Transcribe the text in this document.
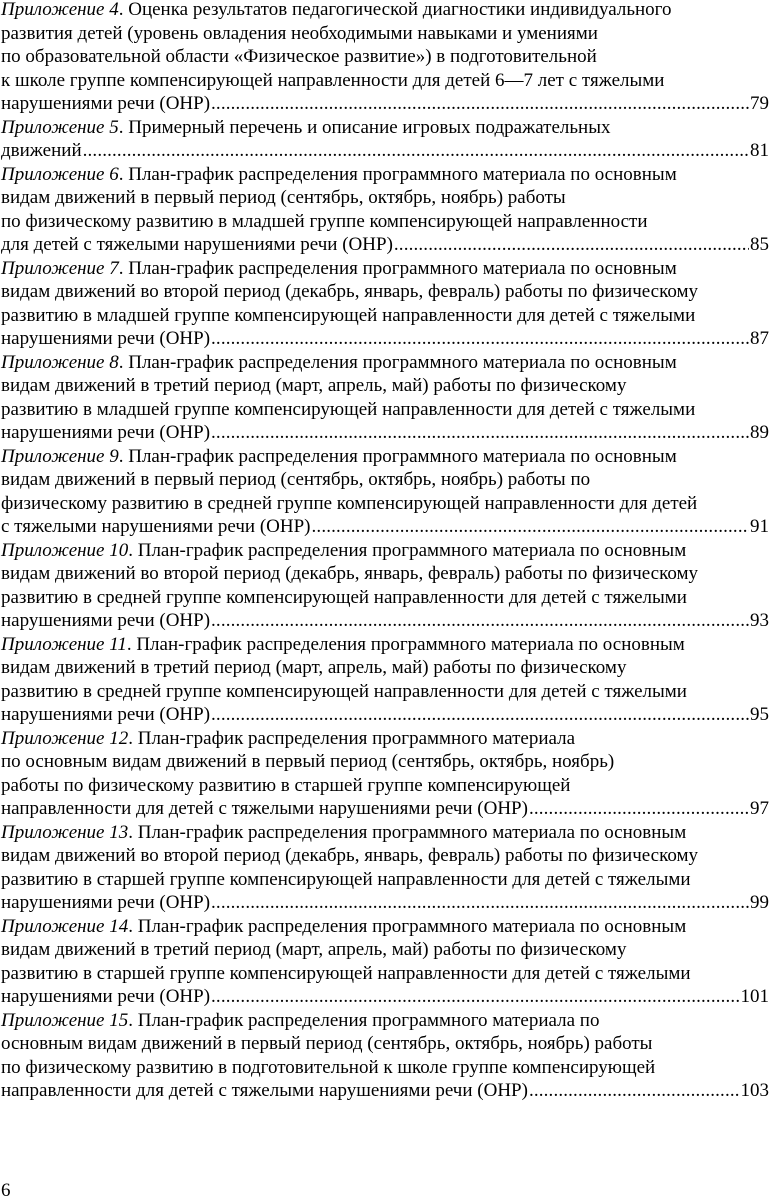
Приложение 4 . Оценка результатов педагогической диагностики индивидуального
развития детей (уровень овладения необходимыми навыками и умениями
по образовательной области «Физическое развитие») в подготовительной
к школе группе компенсирующей направленности для детей 6—7 лет с тяжелыми
нарушениями речи (ОНР) . . .	79
Приложение 5 . Примерный перечень и описание игровых подражательных
движений . . .	81
Приложение 6 . План-график распределения программного материала по основным
видам движений в первый период (сентябрь, октябрь, ноябрь) работы
по физическому развитию в младшей группе компенсирующей направленности
для детей с тяжелыми нарушениями речи (ОНР) . . .	85
Приложение 7 . План-график распределения программного материала по основным
видам движений во второй период (декабрь, январь, февраль) работы по физическому
развитию в младшей группе компенсирующей направленности для детей с тяжелыми
нарушениями речи (ОНР) . . .	87
Приложение 8 . План-график распределения программного материала по основным
видам движений в третий период (март, апрель, май) работы по физическому
развитию в младшей группе компенсирующей направленности для детей с тяжелыми
нарушениями речи (ОНР) . . .	89
Приложение 9 . План-график распределения программного материала по основным
видам движений в первый период (сентябрь, октябрь, ноябрь) работы по
физическому развитию в средней группе компенсирующей направленности для детей
с тяжелыми нарушениями речи (ОНР) . . .	91
Приложение 10 . План-график распределения программного материала по основным
видам движений во второй период (декабрь, январь, февраль) работы по физическому
развитию в средней группе компенсирующей направленности для детей с тяжелыми
нарушениями речи (ОНР) . . .	93
Приложение 11 . План-график распределения программного материала по основным
видам движений в третий период (март, апрель, май) работы по физическому
развитию в средней группе компенсирующей направленности для детей с тяжелыми
нарушениями речи (ОНР) . . .	95
Приложение 12 . План-график распределения программного материала
по основным видам движений в первый период (сентябрь, октябрь, ноябрь)
работы по физическому развитию в старшей группе компенсирующей
направленности для детей с тяжелыми нарушениями речи (ОНР) . . .	97
Приложение 13 . План-график распределения программного материала по основным
видам движений во второй период (декабрь, январь, февраль) работы по физическому
развитию в старшей группе компенсирующей направленности для детей с тяжелыми
нарушениями речи (ОНР) . . .	99
Приложение 14 . План-график распределения программного материала по основным
видам движений в третий период (март, апрель, май) работы по физическому
развитию в старшей группе компенсирующей направленности для детей с тяжелыми
нарушениями речи (ОНР) . . .	101
Приложение 15 . План-график распределения программного материала по
основным видам движений в первый период (сентябрь, октябрь, ноябрь) работы
по физическому развитию в подготовительной к школе группе компенсирующей
направленности для детей с тяжелыми нарушениями речи (ОНР) . . .	103
6
